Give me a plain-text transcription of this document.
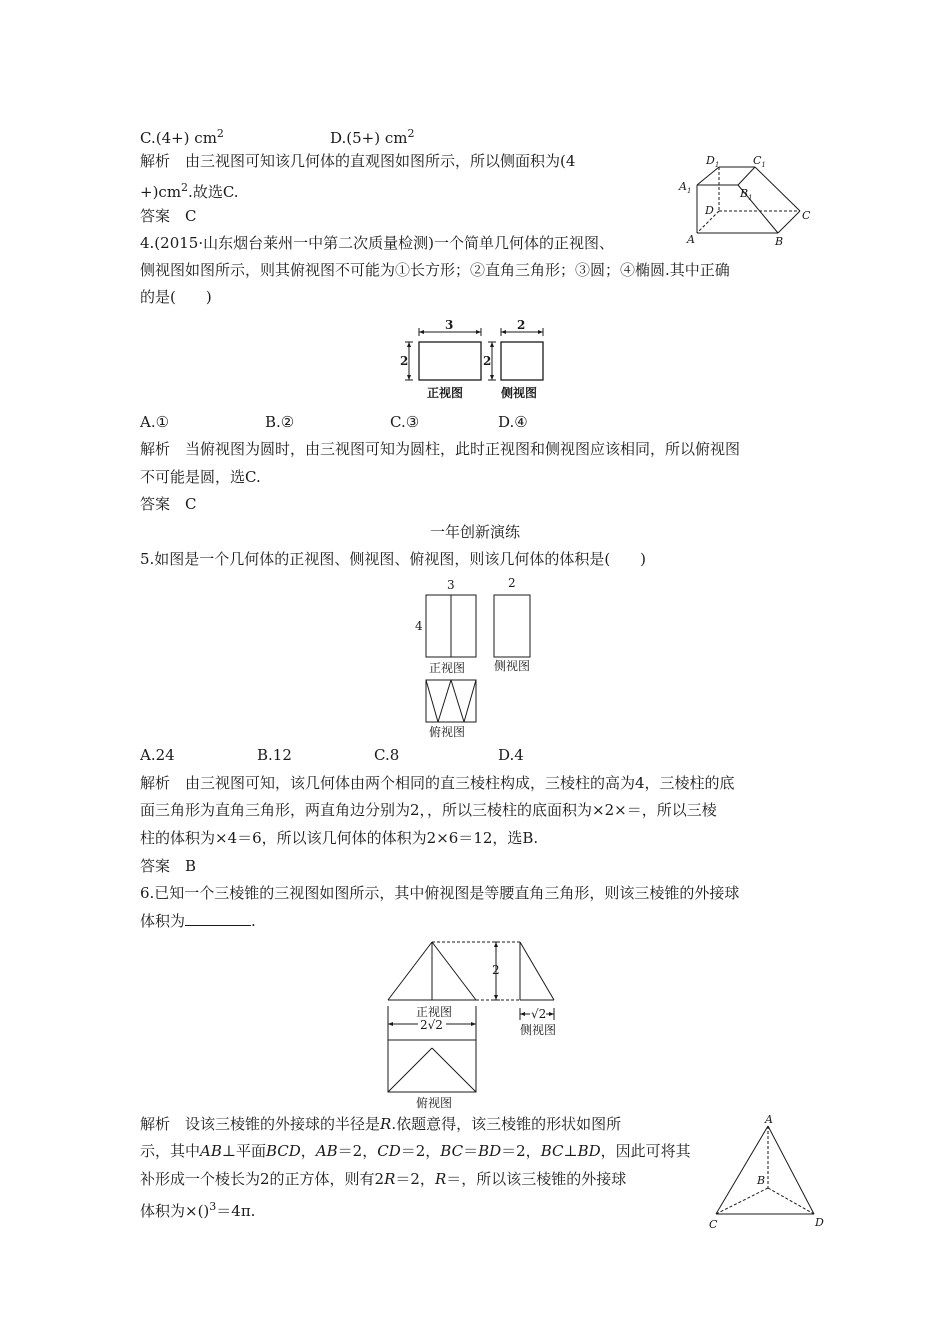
C.(4+) $cm^2$	D.(5+) $cm^2$
解析　由三视图可知该几何体的直观图如图所示，所以侧面积为(4
$+)cm^2$.故选C.
答案　C
$D_1$	$C_1$
$A_1$	$B_1$
D	C
A	B
4.(2015·山东烟台莱州一中第二次质量检测)一个简单几何体的正视图、
侧视图如图所示，则其俯视图不可能为①长方形；②直角三角形；③圆；④椭圆.其中正确
的是(　　)
3
2
2
2
正视图	侧视图
A.①	B.②	C.③	D.④
解析　当俯视图为圆时，由三视图可知为圆柱，此时正视图和侧视图应该相同，所以俯视图
不可能是圆，选C.
答案　C
一年创新演练
5.如图是一个几何体的正视图、侧视图、俯视图，则该几何体的体积是(　　)
3
4
2
正视图 侧视图
俯视图
A.24	B.12	C.8	D.4
解析　由三视图可知，该几何体由两个相同的直三棱柱构成，三棱柱的高为4，三棱柱的底
面三角形为直角三角形，两直角边分别为2，，所以三棱柱的底面积为×2×＝，所以三棱
柱的体积为×4＝6，所以该几何体的体积为2×6＝12，选B.
答案　B
6.已知一个三棱锥的三视图如图所示，其中俯视图是等腰直角三角形，则该三棱锥的外接球
体积为	.
2
正视图
2√2
√2
侧视图
俯视图
解析　设该三棱锥的外接球的半径是R.依题意得，该三棱锥的形状如图所
示，其中AB⊥平面BCD，AB＝2，CD＝2，BC＝BD＝2，BC⊥BD，因此可将其
补形成一个棱长为2的正方体，则有2R＝2，R＝，所以该三棱锥的外接球
体积为×()$^3$＝4π.
A
B
C	D
